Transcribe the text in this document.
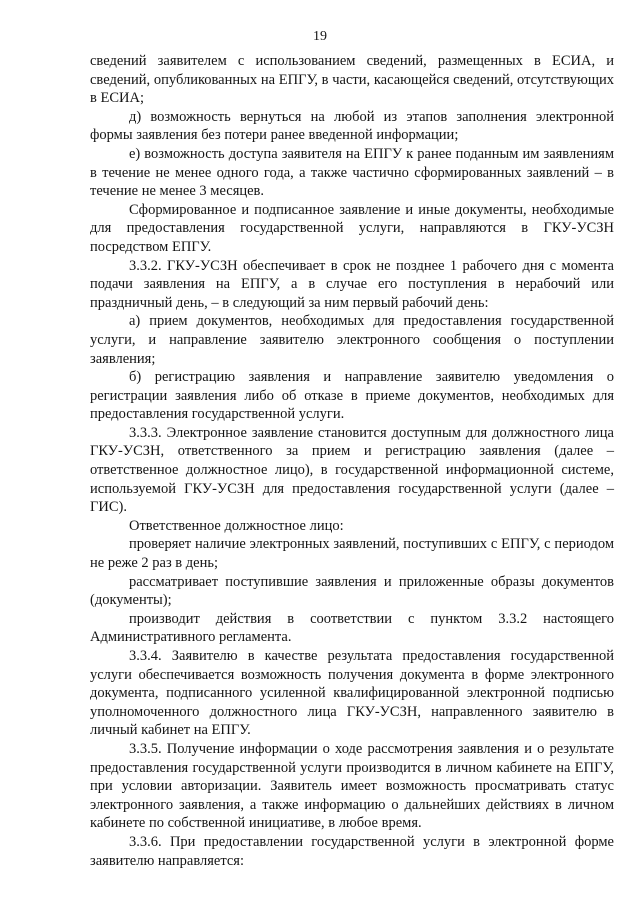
19

сведений заявителем с использованием сведений, размещенных в ЕСИА, и сведений, опубликованных на ЕПГУ, в части, касающейся сведений, отсутствующих в ЕСИА;

д) возможность вернуться на любой из этапов заполнения электронной формы заявления без потери ранее введенной информации;

е) возможность доступа заявителя на ЕПГУ к ранее поданным им заявлениям в течение не менее одного года, а также частично сформированных заявлений – в течение не менее 3 месяцев.

Сформированное и подписанное заявление и иные документы, необходимые для предоставления государственной услуги, направляются в ГКУ-УСЗН посредством ЕПГУ.

3.3.2. ГКУ-УСЗН обеспечивает в срок не позднее 1 рабочего дня с момента подачи заявления на ЕПГУ, а в случае его поступления в нерабочий или праздничный день, – в следующий за ним первый рабочий день:

а) прием документов, необходимых для предоставления государственной услуги, и направление заявителю электронного сообщения о поступлении заявления;

б) регистрацию заявления и направление заявителю уведомления о регистрации заявления либо об отказе в приеме документов, необходимых для предоставления государственной услуги.

3.3.3. Электронное заявление становится доступным для должностного лица ГКУ-УСЗН, ответственного за прием и регистрацию заявления (далее – ответственное должностное лицо), в государственной информационной системе, используемой ГКУ-УСЗН для предоставления государственной услуги (далее – ГИС).

Ответственное должностное лицо:

проверяет наличие электронных заявлений, поступивших с ЕПГУ, с периодом не реже 2 раз в день;

рассматривает поступившие заявления и приложенные образы документов (документы);

производит действия в соответствии с пунктом 3.3.2 настоящего Административного регламента.

3.3.4. Заявителю в качестве результата предоставления государственной услуги обеспечивается возможность получения документа в форме электронного документа, подписанного усиленной квалифицированной электронной подписью уполномоченного должностного лица ГКУ-УСЗН, направленного заявителю в личный кабинет на ЕПГУ.

3.3.5. Получение информации о ходе рассмотрения заявления и о результате предоставления государственной услуги производится в личном кабинете на ЕПГУ, при условии авторизации. Заявитель имеет возможность просматривать статус электронного заявления, а также информацию о дальнейших действиях в личном кабинете по собственной инициативе, в любое время.

3.3.6. При предоставлении государственной услуги в электронной форме заявителю направляется:
